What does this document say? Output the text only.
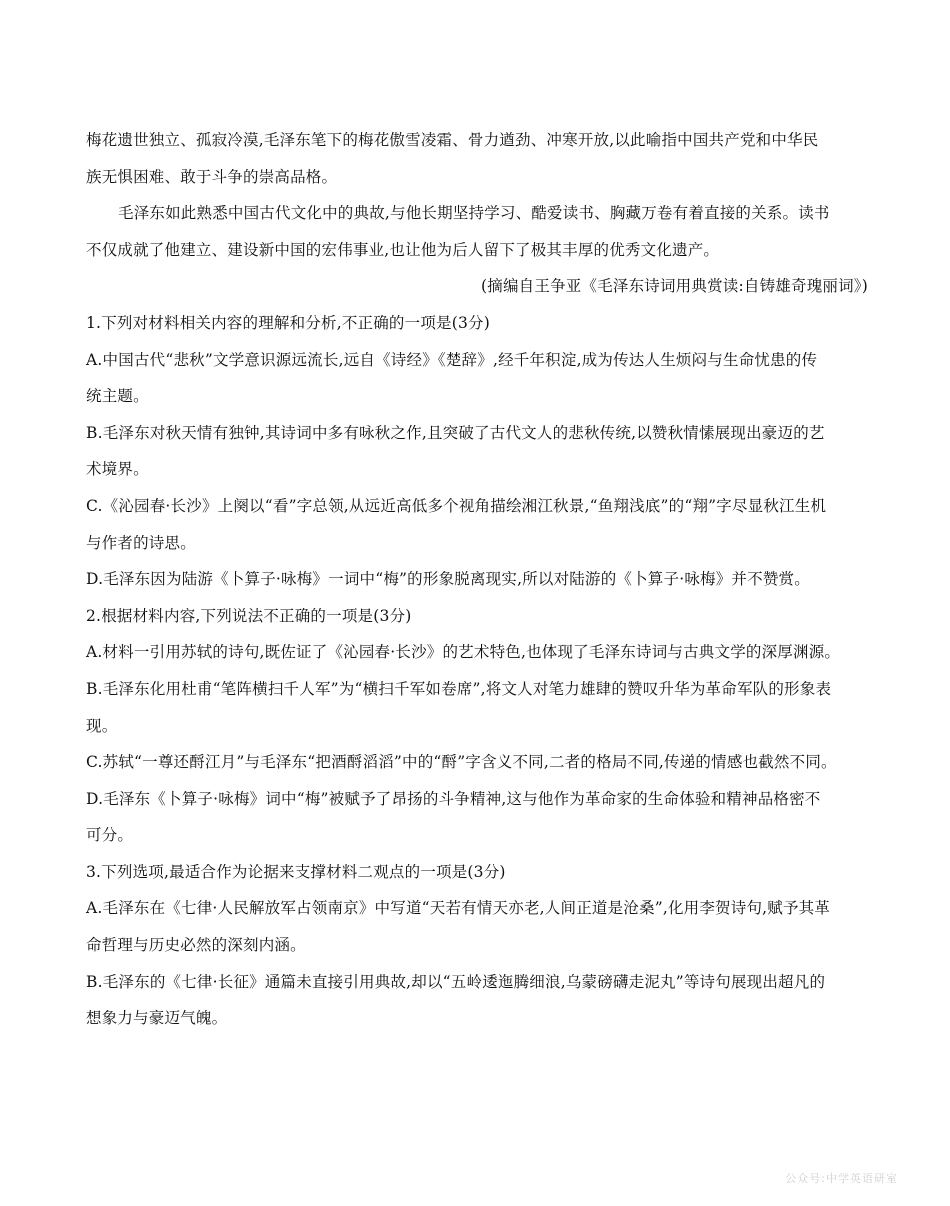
梅花遗世独立、孤寂冷漠,毛泽东笔下的梅花傲雪凌霜、骨力遒劲、冲寒开放,以此喻指中国共产党和中华民
族无惧困难、敢于斗争的崇高品格。
毛泽东如此熟悉中国古代文化中的典故,与他长期坚持学习、酷爱读书、胸藏万卷有着直接的关系。读书
不仅成就了他建立、建设新中国的宏伟事业,也让他为后人留下了极其丰厚的优秀文化遗产。
(摘编自王争亚《毛泽东诗词用典赏读:自铸雄奇瑰丽词》)
1.下列对材料相关内容的理解和分析,不正确的一项是(3分)
A.中国古代“悲秋”文学意识源远流长,远自《诗经》《楚辞》,经千年积淀,成为传达人生烦闷与生命忧患的传
统主题。
B.毛泽东对秋天情有独钟,其诗词中多有咏秋之作,且突破了古代文人的悲秋传统,以赞秋情愫展现出豪迈的艺
术境界。
C.《沁园春·长沙》上阕以“看”字总领,从远近高低多个视角描绘湘江秋景,“鱼翔浅底”的“翔”字尽显秋江生机
与作者的诗思。
D.毛泽东因为陆游《卜算子·咏梅》一词中“梅”的形象脱离现实,所以对陆游的《卜算子·咏梅》并不赞赏。
2.根据材料内容,下列说法不正确的一项是(3分)
A.材料一引用苏轼的诗句,既佐证了《沁园春·长沙》的艺术特色,也体现了毛泽东诗词与古典文学的深厚渊源。
B.毛泽东化用杜甫“笔阵横扫千人军”为“横扫千军如卷席”,将文人对笔力雄肆的赞叹升华为革命军队的形象表
现。
C.苏轼“一尊还酹江月”与毛泽东“把酒酹滔滔”中的“酹”字含义不同,二者的格局不同,传递的情感也截然不同。
D.毛泽东《卜算子·咏梅》词中“梅”被赋予了昂扬的斗争精神,这与他作为革命家的生命体验和精神品格密不
可分。
3.下列选项,最适合作为论据来支撑材料二观点的一项是(3分)
A.毛泽东在《七律·人民解放军占领南京》中写道“天若有情天亦老,人间正道是沧桑”,化用李贺诗句,赋予其革
命哲理与历史必然的深刻内涵。
B.毛泽东的《七律·长征》通篇未直接引用典故,却以“五岭逶迤腾细浪,乌蒙磅礴走泥丸”等诗句展现出超凡的
想象力与豪迈气魄。
公众号:中学英语研室
